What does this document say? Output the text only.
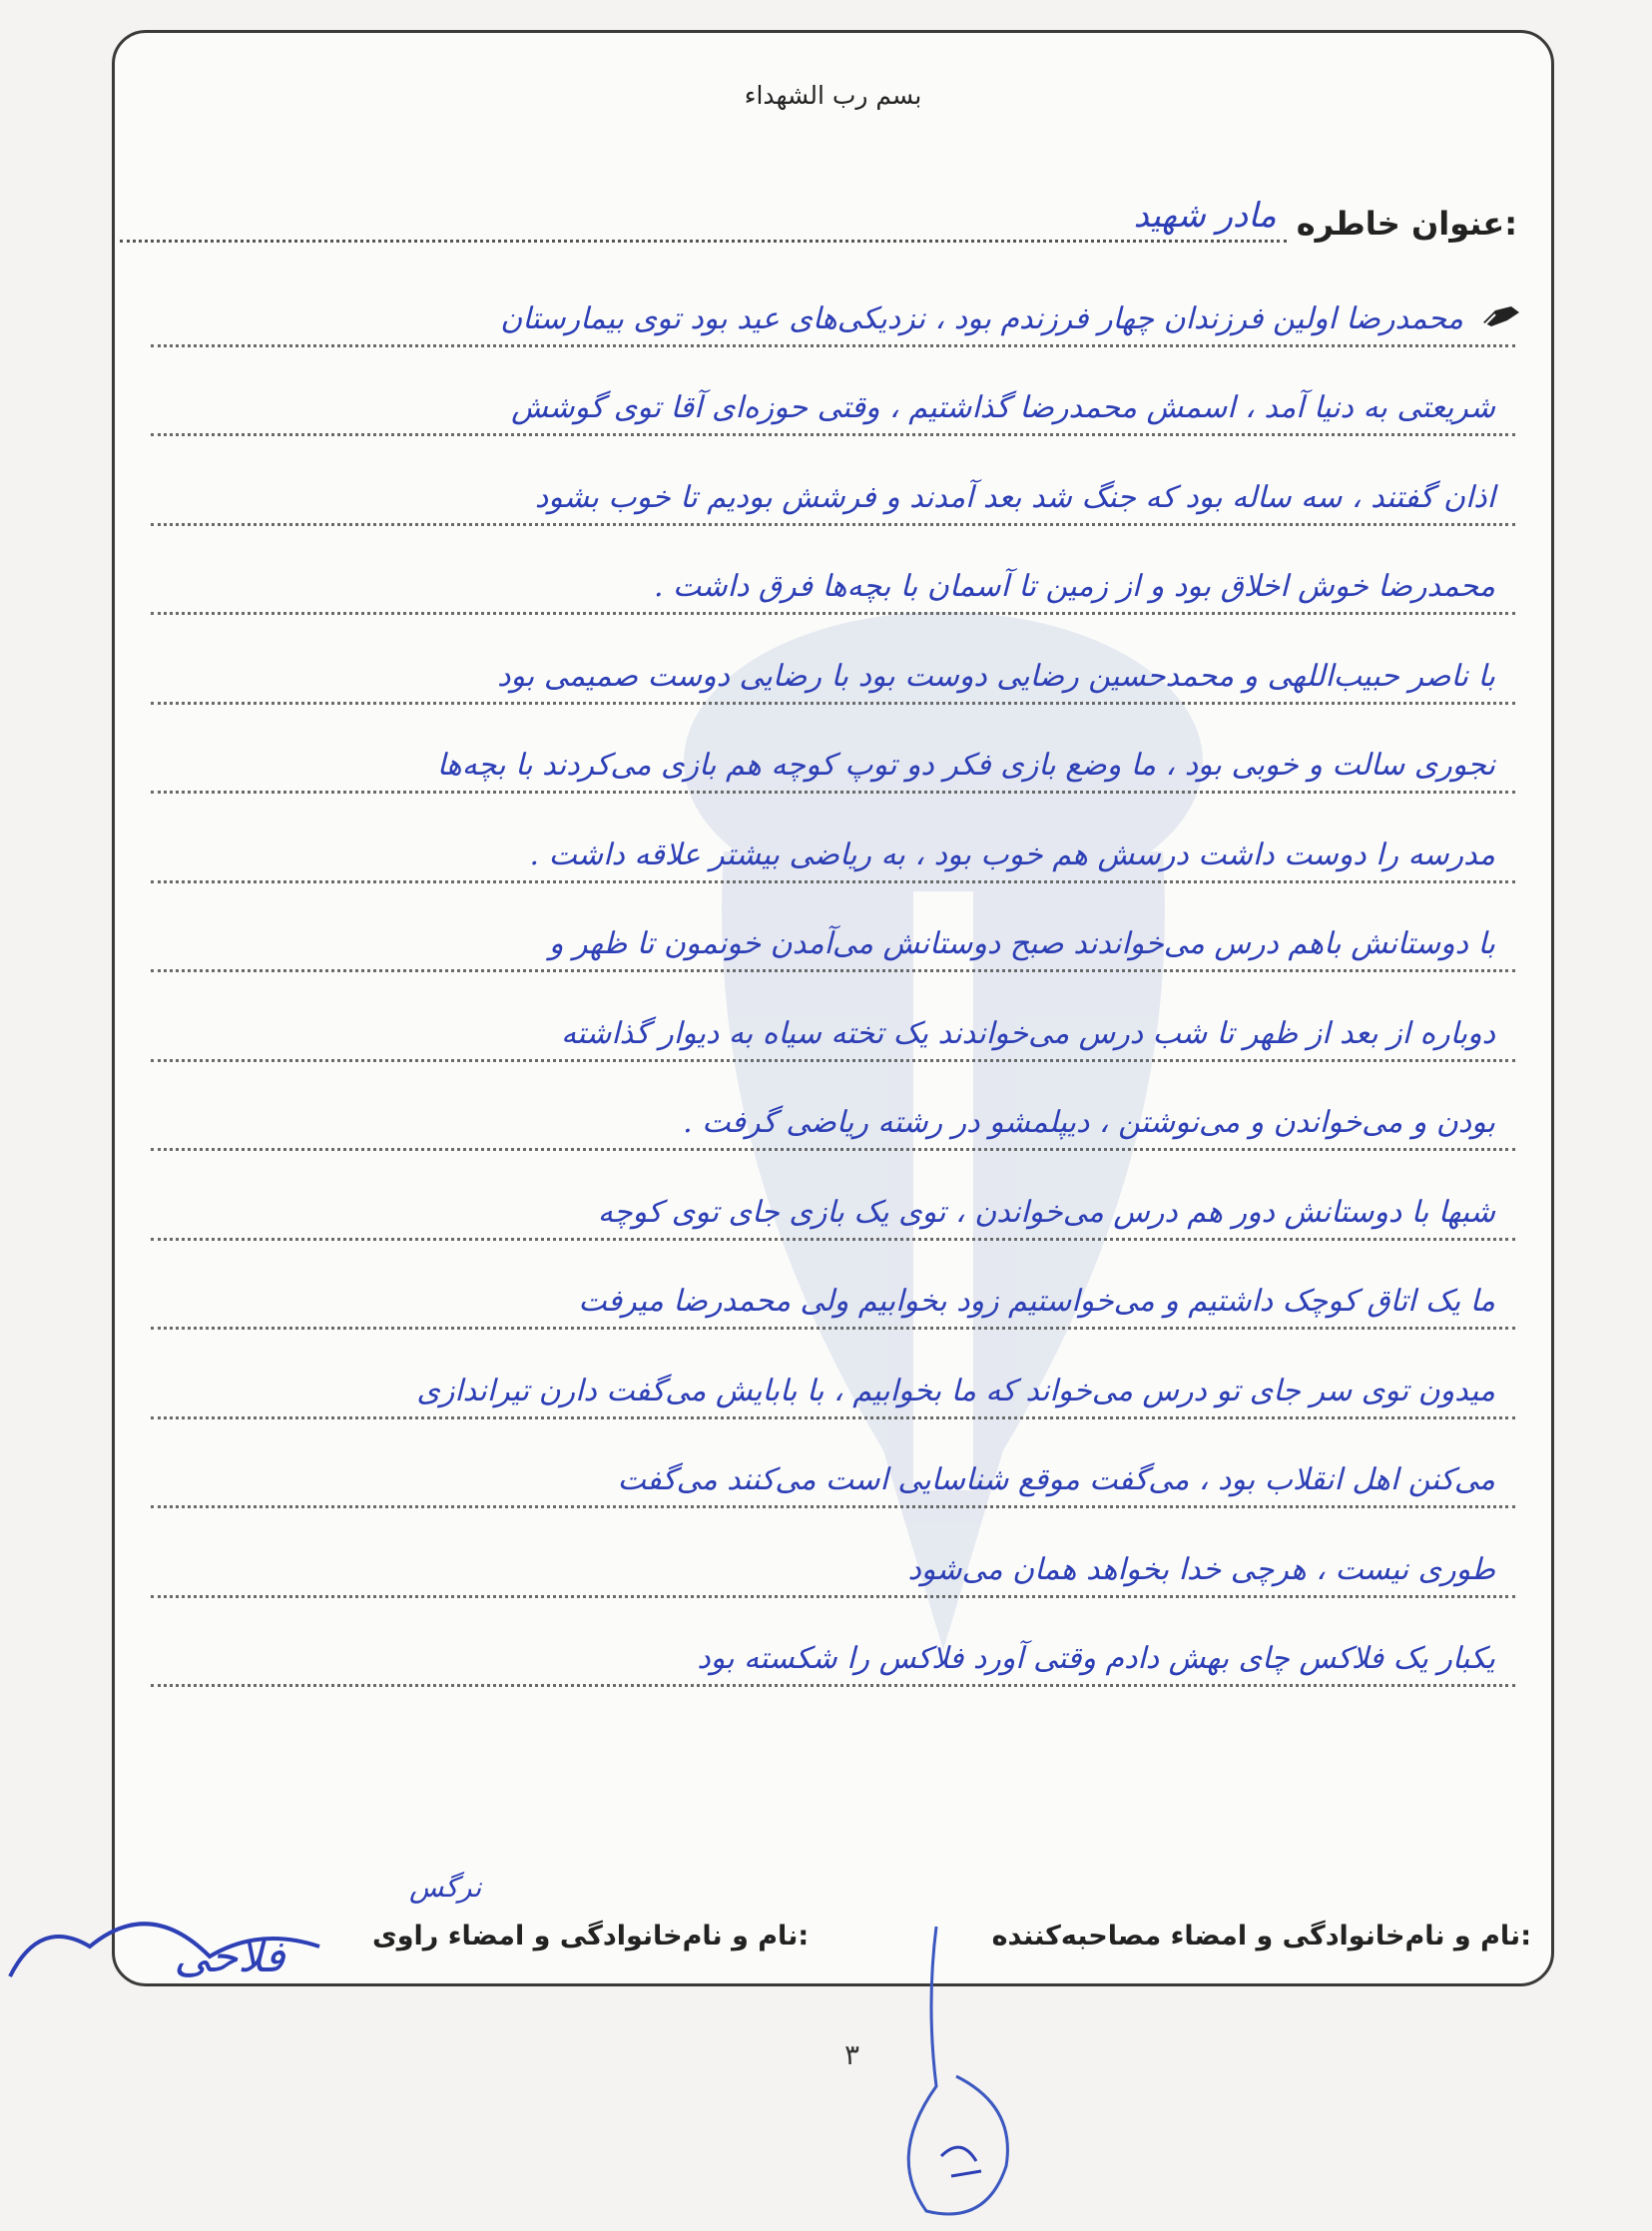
بسم رب الشهداء
عنوان خاطره:
مادر شهید
محمدرضا اولین فرزندان چهار فرزندم بود ، نزدیکی‌های عید بود توی بیمارستان
شریعتی به دنیا آمد ، اسمش محمدرضا گذاشتیم ، وقتی حوزه‌ای آقا توی گوشش
اذان گفتند ، سه ساله بود که جنگ شد بعد آمدند و فرشش بودیم تا خوب بشود
محمدرضا خوش اخلاق بود و از زمین تا آسمان با بچه‌ها فرق داشت .
با ناصر حبیب‌اللهی و محمدحسین رضایی دوست بود با رضایی دوست صمیمی بود
نجوری سالت و خوبی بود ، ما وضع بازی فکر دو توپ کوچه هم بازی می‌کردند با بچه‌ها
مدرسه را دوست داشت درسش هم خوب بود ، به ریاضی بیشتر علاقه داشت .
با دوستانش باهم درس می‌خواندند صبح دوستانش می‌آمدن خونمون تا ظهر و
دوباره از بعد از ظهر تا شب درس می‌خواندند یک تخته سیاه به دیوار گذاشته
بودن و می‌خواندن و می‌نوشتن ، دیپلمشو در رشته ریاضی گرفت .
شبها با دوستانش دور هم درس می‌خواندن ، توی یک بازی جای توی کوچه
ما یک اتاق کوچک داشتیم و می‌خواستیم زود بخوابیم ولی محمدرضا میرفت
میدون توی سر جای تو درس می‌خواند که ما بخوابیم ، با بابایش می‌گفت دارن تیراندازی
می‌کنن اهل انقلاب بود ، می‌گفت موقع شناسایی است می‌کنند می‌گفت
طوری نیست ، هرچی خدا بخواهد همان می‌شود
یکبار یک فلاکس چای بهش دادم وقتی آورد فلاکس را شکسته بود
نام و نام‌خانوادگی و امضاء مصاحبه‌کننده:
نام و نام‌خانوادگی و امضاء راوی:
نرگس
فلاحی
۳
